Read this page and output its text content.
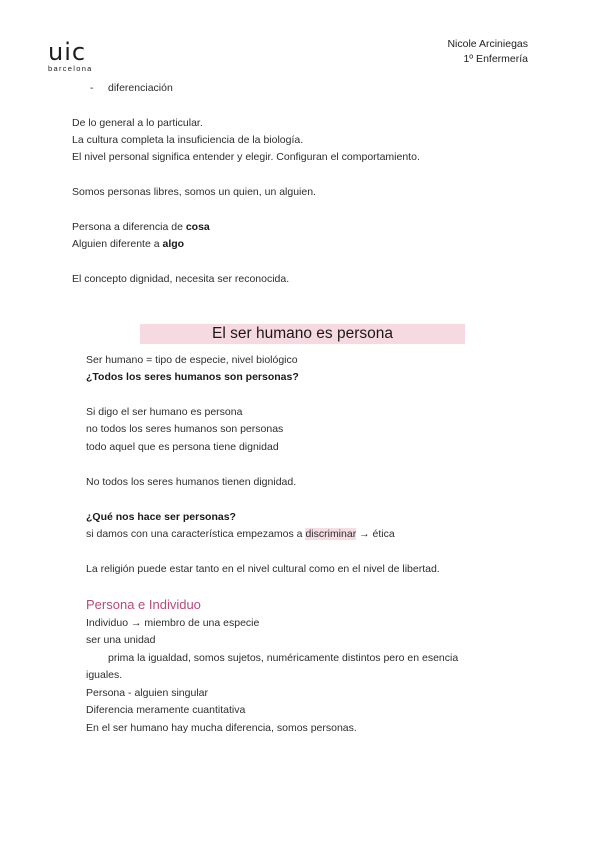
uic
barcelona
Nicole Arciniegas
1º Enfermería
- diferenciación
De lo general a lo particular.
La cultura completa la insuficiencia de la biología.
El nivel personal significa entender y elegir. Configuran el comportamiento.
Somos personas libres, somos un quien, un alguien.
Persona a diferencia de cosa
Alguien diferente a algo
El concepto dignidad, necesita ser reconocida.
El ser humano es persona
Ser humano = tipo de especie, nivel biológico
¿Todos los seres humanos son personas?
Si digo el ser humano es persona
no todos los seres humanos son personas
todo aquel que es persona tiene dignidad
No todos los seres humanos tienen dignidad.
¿Qué nos hace ser personas?
si damos con una característica empezamos a discriminar → ética
La religión puede estar tanto en el nivel cultural como en el nivel de libertad.
Persona e Individuo
Individuo → miembro de una especie
ser una unidad
prima la igualdad, somos sujetos, numéricamente distintos pero en esencia
iguales.
Persona - alguien singular
Diferencia meramente cuantitativa
En el ser humano hay mucha diferencia, somos personas.
